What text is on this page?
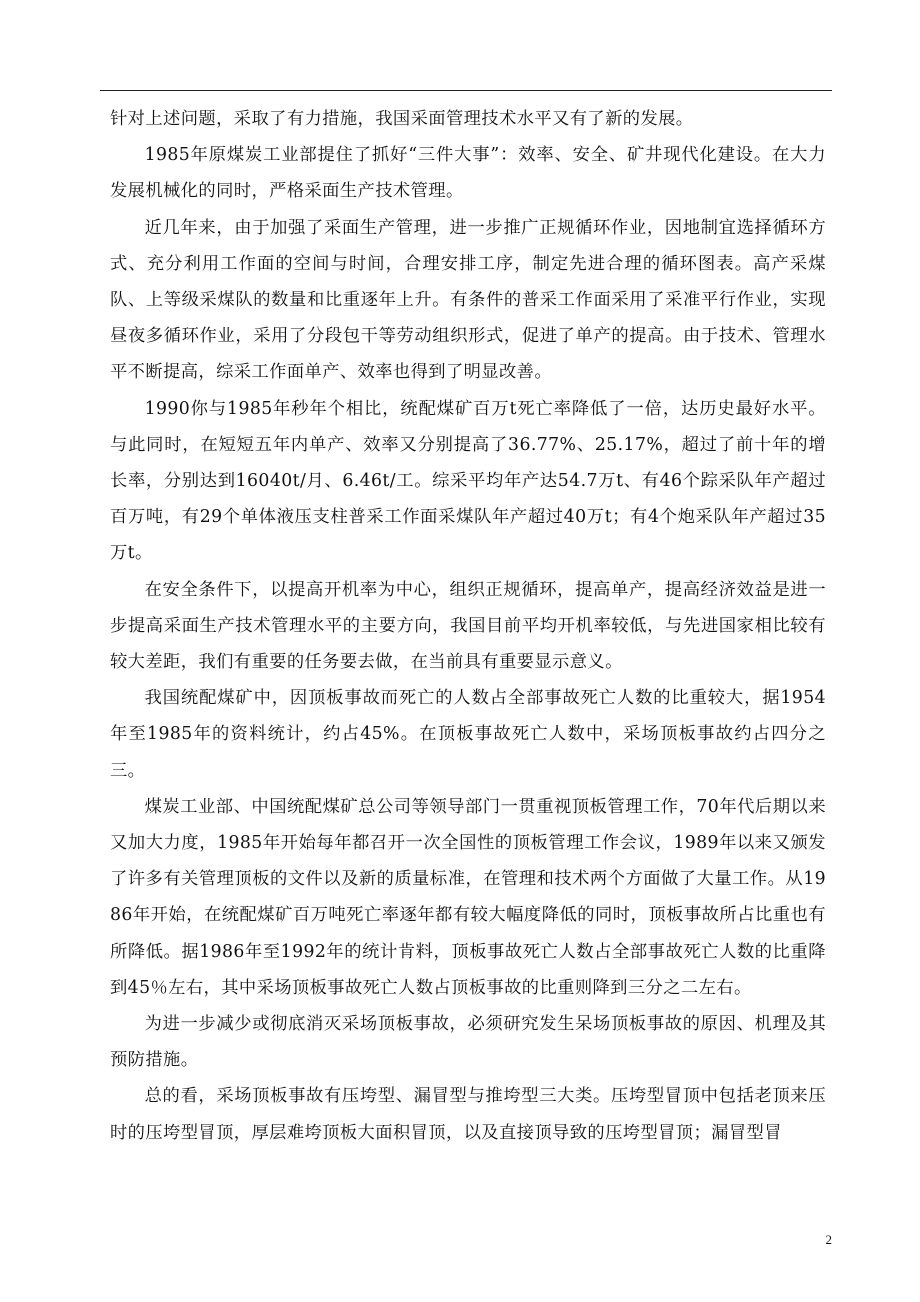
针对上述问题，采取了有力措施，我国采面管理技术水平又有了新的发展。

1985年原煤炭工业部提住了抓好“三件大事”：效率、安全、矿井现代化建设。在大力发展机械化的同时，严格采面生产技术管理。

近几年来，由于加强了采面生产管理，进一步推广正规循环作业，因地制宜选择循环方式、充分利用工作面的空间与时间，合理安排工序，制定先进合理的循环图表。高产采煤队、上等级采煤队的数量和比重逐年上升。有条件的普采工作面采用了采准平行作业，实现昼夜多循环作业，采用了分段包干等劳动组织形式，促进了单产的提高。由于技术、管理水平不断提高，综采工作面单产、效率也得到了明显改善。

1990你与1985年秒年个相比，统配煤矿百万t死亡率降低了一倍，达历史最好水平。与此同时，在短短五年内单产、效率又分别提高了36.77%、25.17%，超过了前十年的增长率，分别达到16040t/月、6.46t/工。综采平均年产达54.7万t、有46个踪采队年产超过百万吨，有29个单体液压支柱普采工作面采煤队年产超过40万t；有4个炮采队年产超过35万t。

在安全条件下，以提高开机率为中心，组织正规循环，提高单产，提高经济效益是进一步提高采面生产技术管理水平的主要方向，我国目前平均开机率较低，与先进国家相比较有较大差距，我们有重要的任务要去做，在当前具有重要显示意义。

我国统配煤矿中，因顶板事故而死亡的人数占全部事故死亡人数的比重较大，据1954年至1985年的资料统计，约占45%。在顶板事故死亡人数中，采场顶板事故约占四分之三。

煤炭工业部、中国统配煤矿总公司等领导部门一贯重视顶板管理工作，70年代后期以来又加大力度，1985年开始每年都召开一次全国性的顶板管理工作会议，1989年以来又颁发了许多有关管理顶板的文件以及新的质量标准，在管理和技术两个方面做了大量工作。从1986年开始，在统配煤矿百万吨死亡率逐年都有较大幅度降低的同时，顶板事故所占比重也有所降低。据1986年至1992年的统计肯料，顶板事故死亡人数占全部事故死亡人数的比重降到45％左右，其中采场顶板事故死亡人数占顶板事故的比重则降到三分之二左右。

为进一步减少或彻底消灭采场顶板事故，必须研究发生呆场顶板事故的原因、机理及其预防措施。

总的看，采场顶板事故有压垮型、漏冒型与推垮型三大类。压垮型冒顶中包括老顶来压时的压垮型冒顶，厚层难垮顶板大面积冒顶，以及直接顶导致的压垮型冒顶；漏冒型冒

2
